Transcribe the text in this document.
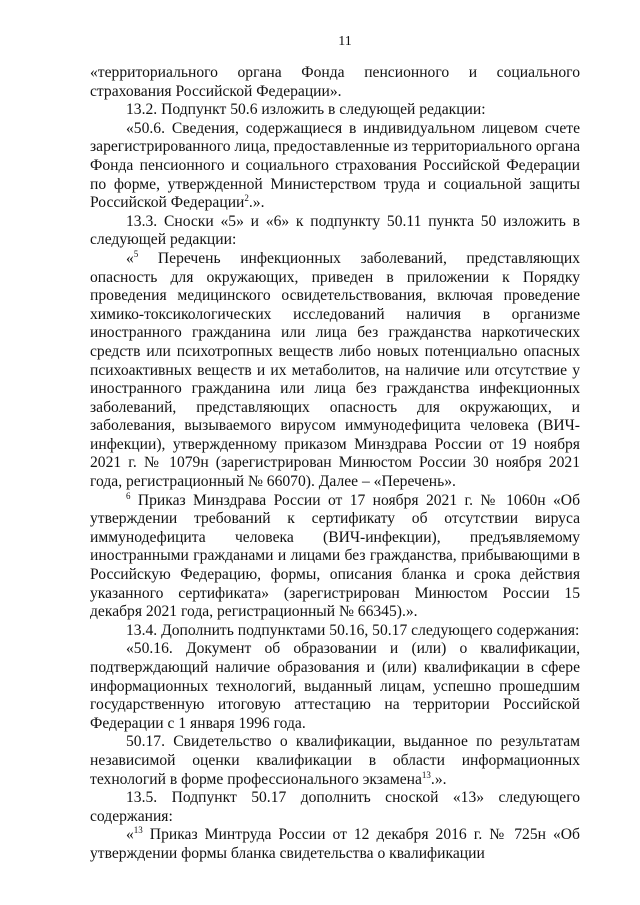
11

«территориального органа Фонда пенсионного и социального страхования Российской Федерации».

13.2. Подпункт 50.6 изложить в следующей редакции:

«50.6. Сведения, содержащиеся в индивидуальном лицевом счете зарегистрированного лица, предоставленные из территориального органа Фонда пенсионного и социального страхования Российской Федерации по форме, утвержденной Министерством труда и социальной защиты Российской Федерации$^2$.».

13.3. Сноски «5» и «6» к подпункту 50.11 пункта 50 изложить в следующей редакции:

«$^5$ Перечень инфекционных заболеваний, представляющих опасность для окружающих, приведен в приложении к Порядку проведения медицинского освидетельствования, включая проведение химико-токсикологических исследований наличия в организме иностранного гражданина или лица без гражданства наркотических средств или психотропных веществ либо новых потенциально опасных психоактивных веществ и их метаболитов, на наличие или отсутствие у иностранного гражданина или лица без гражданства инфекционных заболеваний, представляющих опасность для окружающих, и заболевания, вызываемого вирусом иммунодефицита человека (ВИЧ-инфекции), утвержденному приказом Минздрава России от 19 ноября 2021 г. № 1079н (зарегистрирован Минюстом России 30 ноября 2021 года, регистрационный № 66070). Далее – «Перечень».

$^6$ Приказ Минздрава России от 17 ноября 2021 г. № 1060н «Об утверждении требований к сертификату об отсутствии вируса иммунодефицита человека (ВИЧ-инфекции), предъявляемому иностранными гражданами и лицами без гражданства, прибывающими в Российскую Федерацию, формы, описания бланка и срока действия указанного сертификата» (зарегистрирован Минюстом России 15 декабря 2021 года, регистрационный № 66345).».

13.4. Дополнить подпунктами 50.16, 50.17 следующего содержания:

«50.16. Документ об образовании и (или) о квалификации, подтверждающий наличие образования и (или) квалификации в сфере информационных технологий, выданный лицам, успешно прошедшим государственную итоговую аттестацию на территории Российской Федерации с 1 января 1996 года.

50.17. Свидетельство о квалификации, выданное по результатам независимой оценки квалификации в области информационных технологий в форме профессионального экзамена$^{13}$.».

13.5. Подпункт 50.17 дополнить сноской «13» следующего содержания:

«$^{13}$ Приказ Минтруда России от 12 декабря 2016 г. № 725н «Об утверждении формы бланка свидетельства о квалификации
